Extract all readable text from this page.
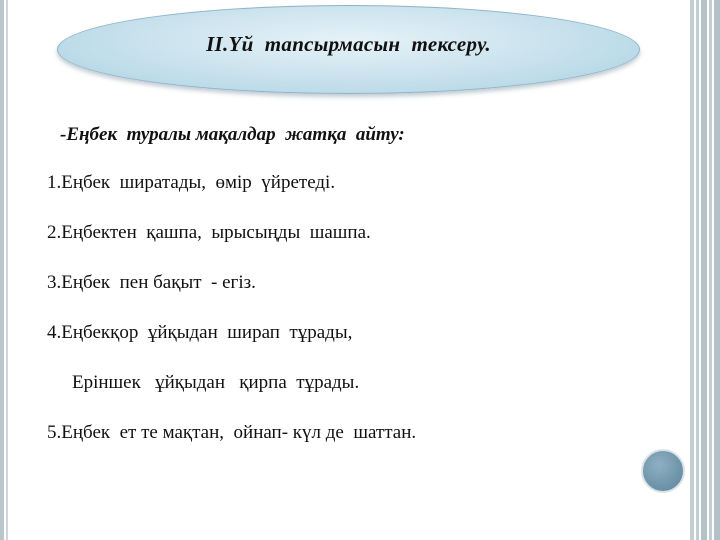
II.Үй  тапсырмасын  тексеру.
-Еңбек  туралы мақалдар  жатқа  айту:
1.Еңбек  ширатады,  өмір  үйретеді.
2.Еңбектен  қашпа,  ырысыңды  шашпа.
3.Еңбек  пен бақыт  - егіз.
4.Еңбекқор  ұйқыдан  ширап  тұрады,
Еріншек   ұйқыдан   қирпа  тұрады.
5.Еңбек  ет те мақтан,  ойнап- күл де  шаттан.
